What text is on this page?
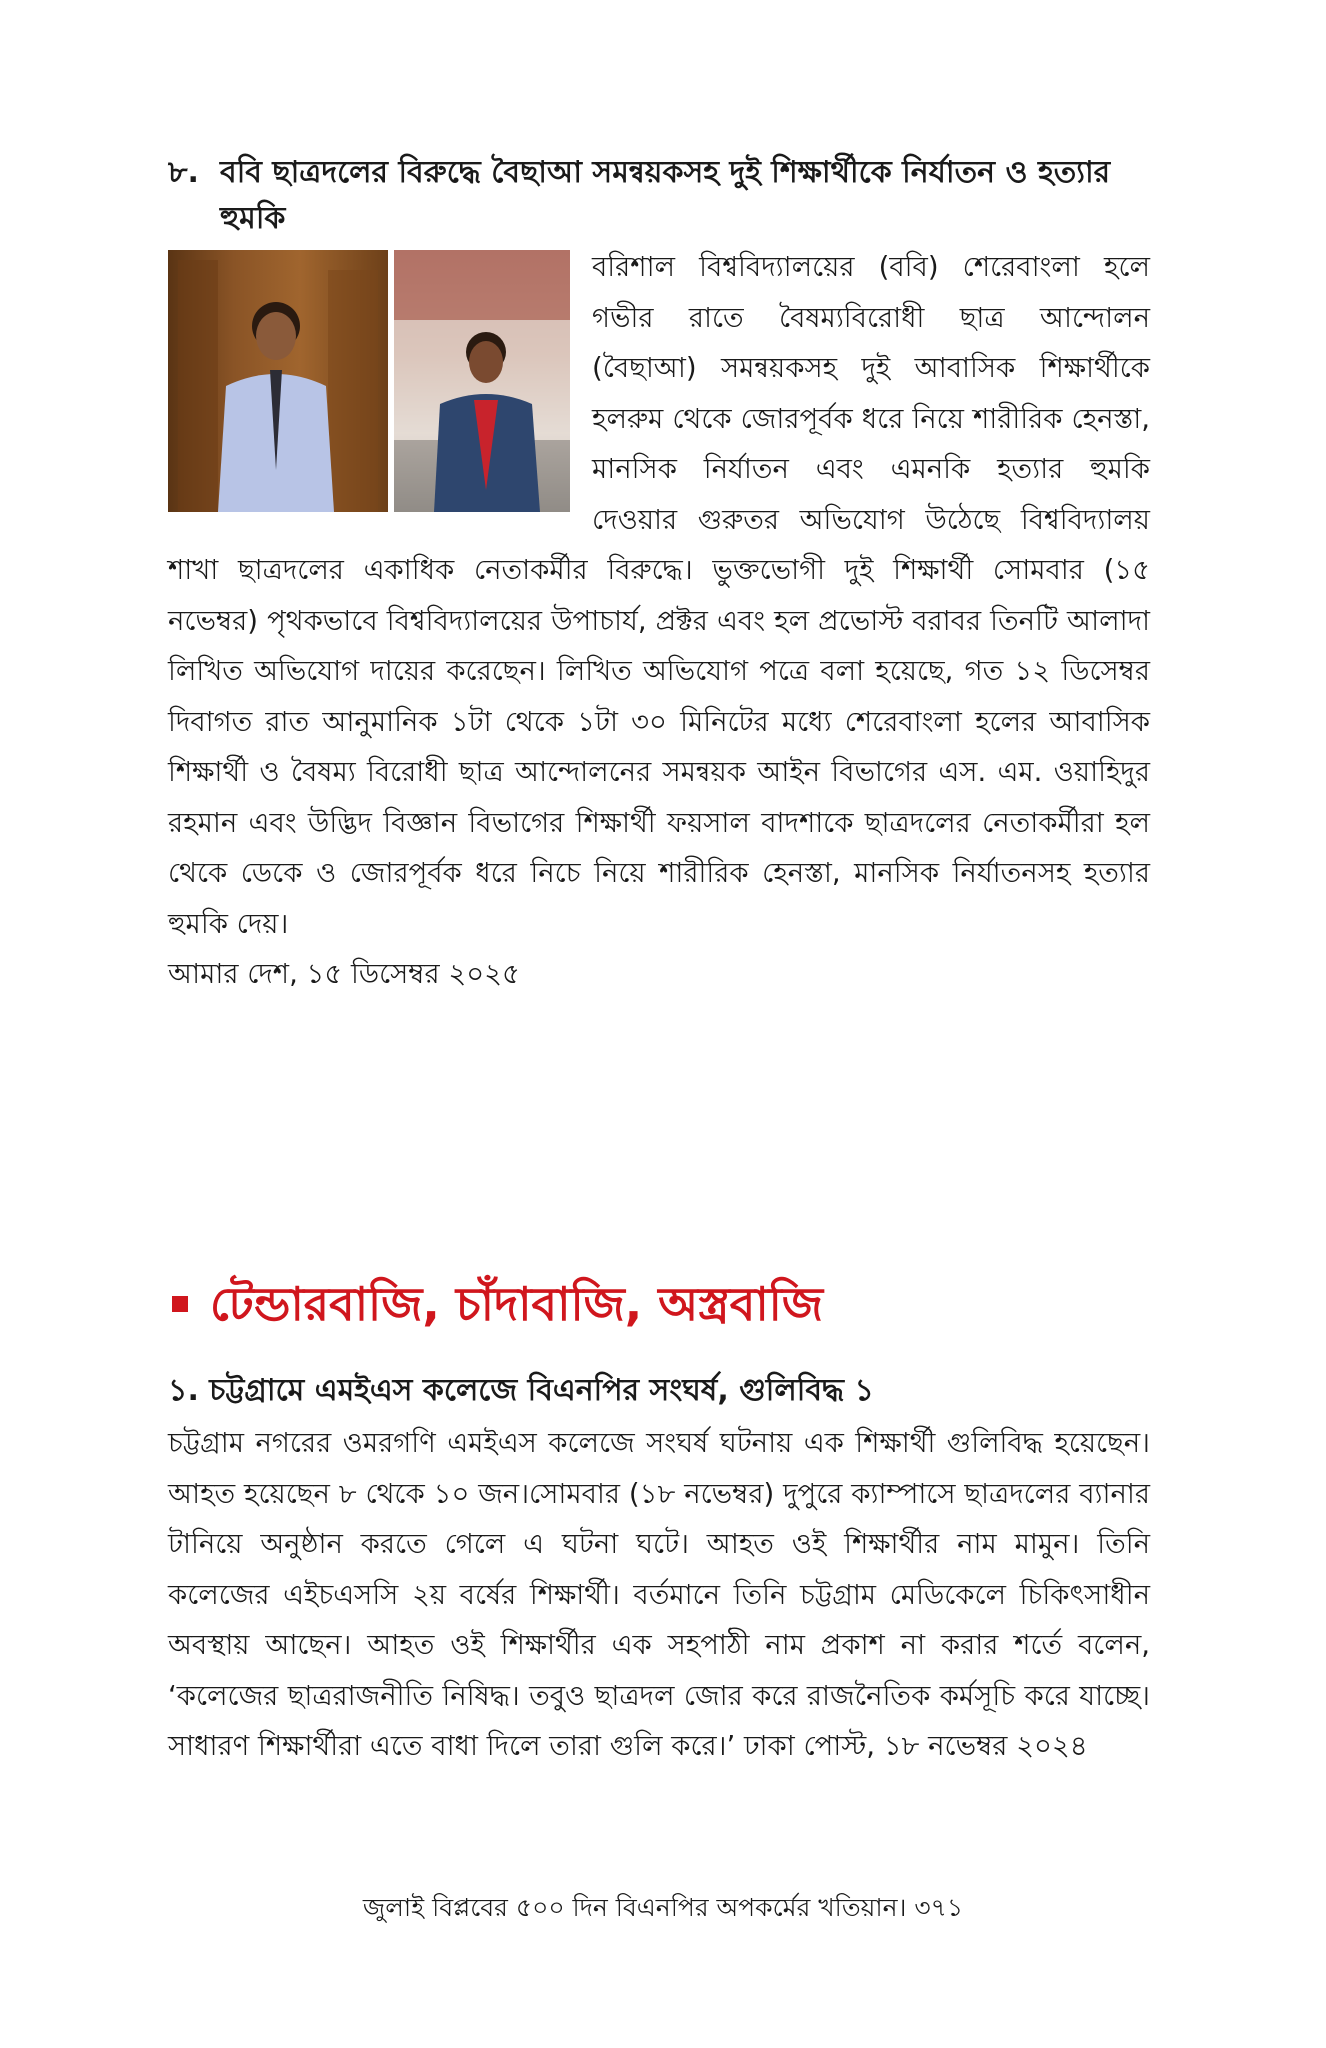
৮. ববি ছাত্রদলের বিরুদ্ধে বৈছাআ সমন্বয়কসহ দুই শিক্ষার্থীকে নির্যাতন ও হত্যার হুমকি

বরিশাল বিশ্ববিদ্যালয়ের (ববি) শেরেবাংলা হলে গভীর রাতে বৈষম্যবিরোধী ছাত্র আন্দোলন (বৈছাআ) সমন্বয়কসহ দুই আবাসিক শিক্ষার্থীকে হলরুম থেকে জোরপূর্বক ধরে নিয়ে শারীরিক হেনস্তা, মানসিক নির্যাতন এবং এমনকি হত্যার হুমকি দেওয়ার গুরুতর অভিযোগ উঠেছে বিশ্ববিদ্যালয় শাখা ছাত্রদলের একাধিক নেতাকর্মীর বিরুদ্ধে। ভুক্তভোগী দুই শিক্ষার্থী সোমবার (১৫ নভেম্বর) পৃথকভাবে বিশ্ববিদ্যালয়ের উপাচার্য, প্রক্টর এবং হল প্রভোস্ট বরাবর তিনটি আলাদা লিখিত অভিযোগ দায়ের করেছেন। লিখিত অভিযোগ পত্রে বলা হয়েছে, গত ১২ ডিসেম্বর দিবাগত রাত আনুমানিক ১টা থেকে ১টা ৩০ মিনিটের মধ্যে শেরেবাংলা হলের আবাসিক শিক্ষার্থী ও বৈষম্য বিরোধী ছাত্র আন্দোলনের সমন্বয়ক আইন বিভাগের এস. এম. ওয়াহিদুর রহমান এবং উদ্ভিদ বিজ্ঞান বিভাগের শিক্ষার্থী ফয়সাল বাদশাকে ছাত্রদলের নেতাকর্মীরা হল থেকে ডেকে ও জোরপূর্বক ধরে নিচে নিয়ে শারীরিক হেনস্তা, মানসিক নির্যাতনসহ হত্যার হুমকি দেয়।

আমার দেশ, ১৫ ডিসেম্বর ২০২৫

টেন্ডারবাজি, চাঁদাবাজি, অস্ত্রবাজি
১. চট্টগ্রামে এমইএস কলেজে বিএনপির সংঘর্ষ, গুলিবিদ্ধ ১

চট্টগ্রাম নগরের ওমরগণি এমইএস কলেজে সংঘর্ষ ঘটনায় এক শিক্ষার্থী গুলিবিদ্ধ হয়েছেন। আহত হয়েছেন ৮ থেকে ১০ জন।সোমবার (১৮ নভেম্বর) দুপুরে ক্যাম্পাসে ছাত্রদলের ব্যানার টানিয়ে অনুষ্ঠান করতে গেলে এ ঘটনা ঘটে। আহত ওই শিক্ষার্থীর নাম মামুন। তিনি কলেজের এইচএসসি ২য় বর্ষের শিক্ষার্থী। বর্তমানে তিনি চট্টগ্রাম মেডিকেলে চিকিৎসাধীন অবস্থায় আছেন। আহত ওই শিক্ষার্থীর এক সহপাঠী নাম প্রকাশ না করার শর্তে বলেন, ‘কলেজের ছাত্ররাজনীতি নিষিদ্ধ। তবুও ছাত্রদল জোর করে রাজনৈতিক কর্মসূচি করে যাচ্ছে। সাধারণ শিক্ষার্থীরা এতে বাধা দিলে তারা গুলি করে।’ ঢাকা পোস্ট, ১৮ নভেম্বর ২০২৪

জুলাই বিপ্লবের ৫০০ দিন বিএনপির অপকর্মের খতিয়ান। ৩৭১
